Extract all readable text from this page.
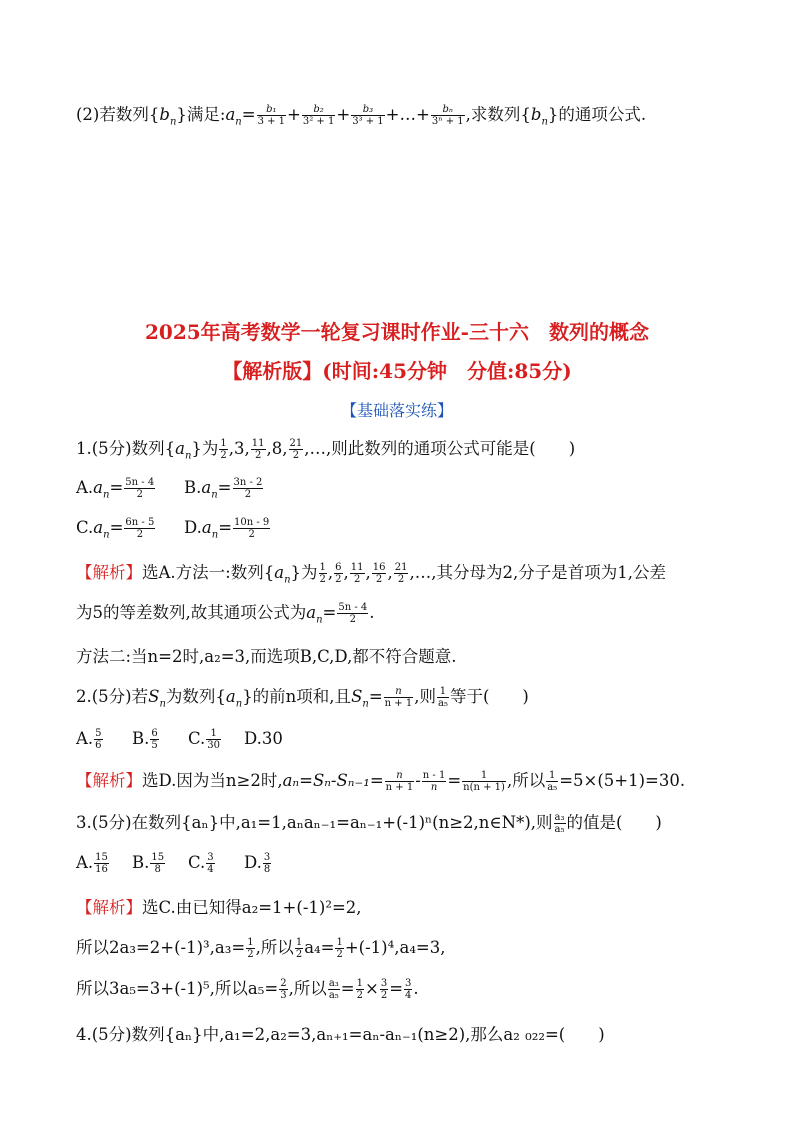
(2)若数列$\{b_n\}$满足$:a_n= \frac{\text{b₁}}{3 + 1} + \frac{\text{b₂}}{\text{3² + 1}} + \frac{\text{b₃}}{\text{3³ + 1}}$ +…+ $\frac{\text{bₙ}}{\text{3ⁿ + 1}}$ ,求数列$\{b_n\}$的通项公式.
2025年高考数学一轮复习课时作业-三十六　数列的概念
【解析版】(时间:45分钟　分值:85分)
【基础落实练】
1.(5分)数列$\{a_n\}$为 $\frac{1}{2} ,3$, $\frac{11}{2} ,8$, $\frac{21}{2}$ ,…,则此数列的通项公式可能是(　　)
$A.a_n= \frac{5n - 4}{2} B.a_n= \frac{3n - 2}{2}$
$C.a_n= \frac{6n - 5}{2} D.a_n= \frac{10n - 9}{2}$
【解析】选A.方法一:数列$\{a_n\}$为 $\frac{1}{2}$ , $\frac{6}{2}$ , $\frac{11}{2}$ , $\frac{16}{2}$ , $\frac{21}{2}$ ,…,其分母为2,分子是首项为1,公差
为5的等差数列,故其通项公式为$a_n= \frac{5n - 4}{2}$ .
方法二:当n=2时,a₂=3,而选项B,C,D,都不符合题意.
2.(5分)若$S_n$为数列$\{a_n\}$的前n项和,且$S_n= \frac{n}{n + 1}$ ,则 $\frac{1}{\text{a₅}}$ 等于(　　)
A. $\frac{5}{6} B$. $\frac{6}{5} C$. $\frac{1}{30} D.30$
【解析】选D.因为当n≥2时$,a_n=S_n-S_{n-1}= \frac{n}{n + 1} - \frac{n - 1}{n} = \frac{1}{n(n + 1)}$ ,所以 $\frac{1}{\text{a₅}} =5\times(5+1)=30$.
3.(5分)在数列{aₙ}中,a₁=1,aₙaₙ₋₁=aₙ₋₁+(-1)ⁿ(n≥2,n∈N*),则 $\frac{\text{a₃}}{\text{a₅}}$ 的值是(　　)
A. $\frac{15}{16} B$. $\frac{15}{8} C$. $\frac{3}{4} D$. $\frac{3}{8}$
【解析】选C.由已知得a₂=1+(-1)²=2,
所以$2a_3=2+(-1)^3,a_3= \frac{1}{2}$ ,所以 $\frac{1}{2} a_4= \frac{1}{2} +(-1)^4,a_4=3$,
所以3a₅=3+(-1)⁵,所以$a_5= \frac{2}{3}$ ,所以 $\frac{\text{a₃}}{\text{a₅}} = \frac{1}{2} \times \frac{3}{2} = \frac{3}{4}$ .
4.(5分)数列{aₙ}中,a₁=2,a₂=3,aₙ₊₁=aₙ-aₙ₋₁(n≥2),那么a₂ ₀₂₂=(　　)
